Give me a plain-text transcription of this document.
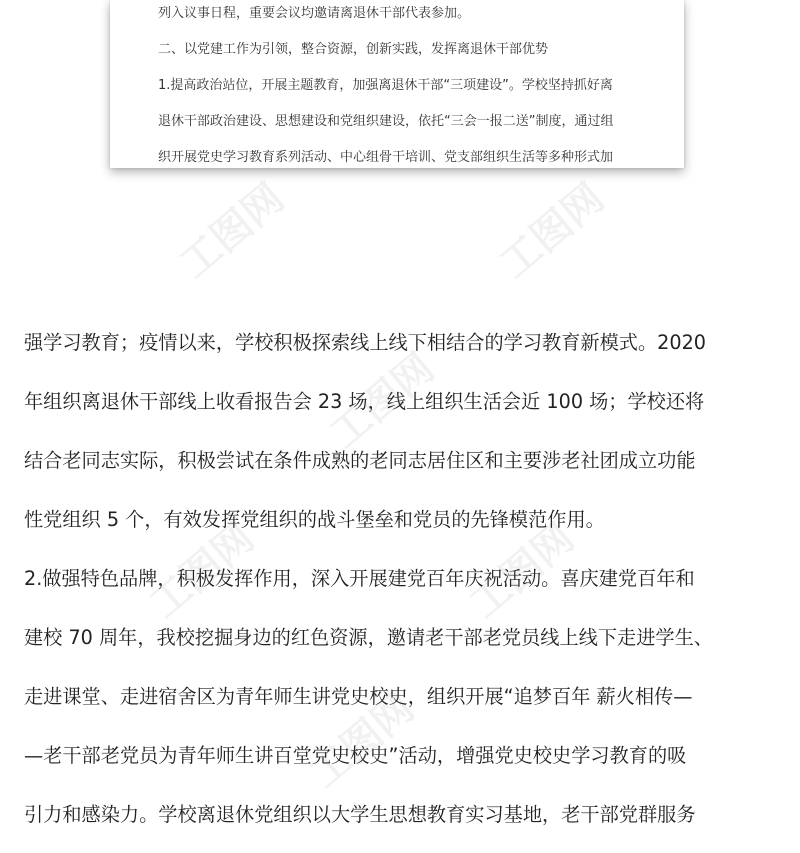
列入议事日程，重要会议均邀请离退休干部代表参加。
二、以党建工作为引领，整合资源，创新实践，发挥离退休干部优势
1.提高政治站位，开展主题教育，加强离退休干部“三项建设”。学校坚持抓好离
退休干部政治建设、思想建设和党组织建设，依托“三会一报二送”制度，通过组
织开展党史学习教育系列活动、中心组骨干培训、党支部组织生活等多种形式加
强学习教育；疫情以来，学校积极探索线上线下相结合的学习教育新模式。2020
年组织离退休干部线上收看报告会 23 场，线上组织生活会近 100 场；学校还将
结合老同志实际，积极尝试在条件成熟的老同志居住区和主要涉老社团成立功能
性党组织 5 个，有效发挥党组织的战斗堡垒和党员的先锋模范作用。
2.做强特色品牌，积极发挥作用，深入开展建党百年庆祝活动。喜庆建党百年和
建校 70 周年，我校挖掘身边的红色资源，邀请老干部老党员线上线下走进学生、
走进课堂、走进宿舍区为青年师生讲党史校史，组织开展“追梦百年 薪火相传—
—老干部老党员为青年师生讲百堂党史校史”活动，增强党史校史学习教育的吸
引力和感染力。学校离退休党组织以大学生思想教育实习基地，老干部党群服务
工图网	工图网
工图网
工图网	工图网
工图网
